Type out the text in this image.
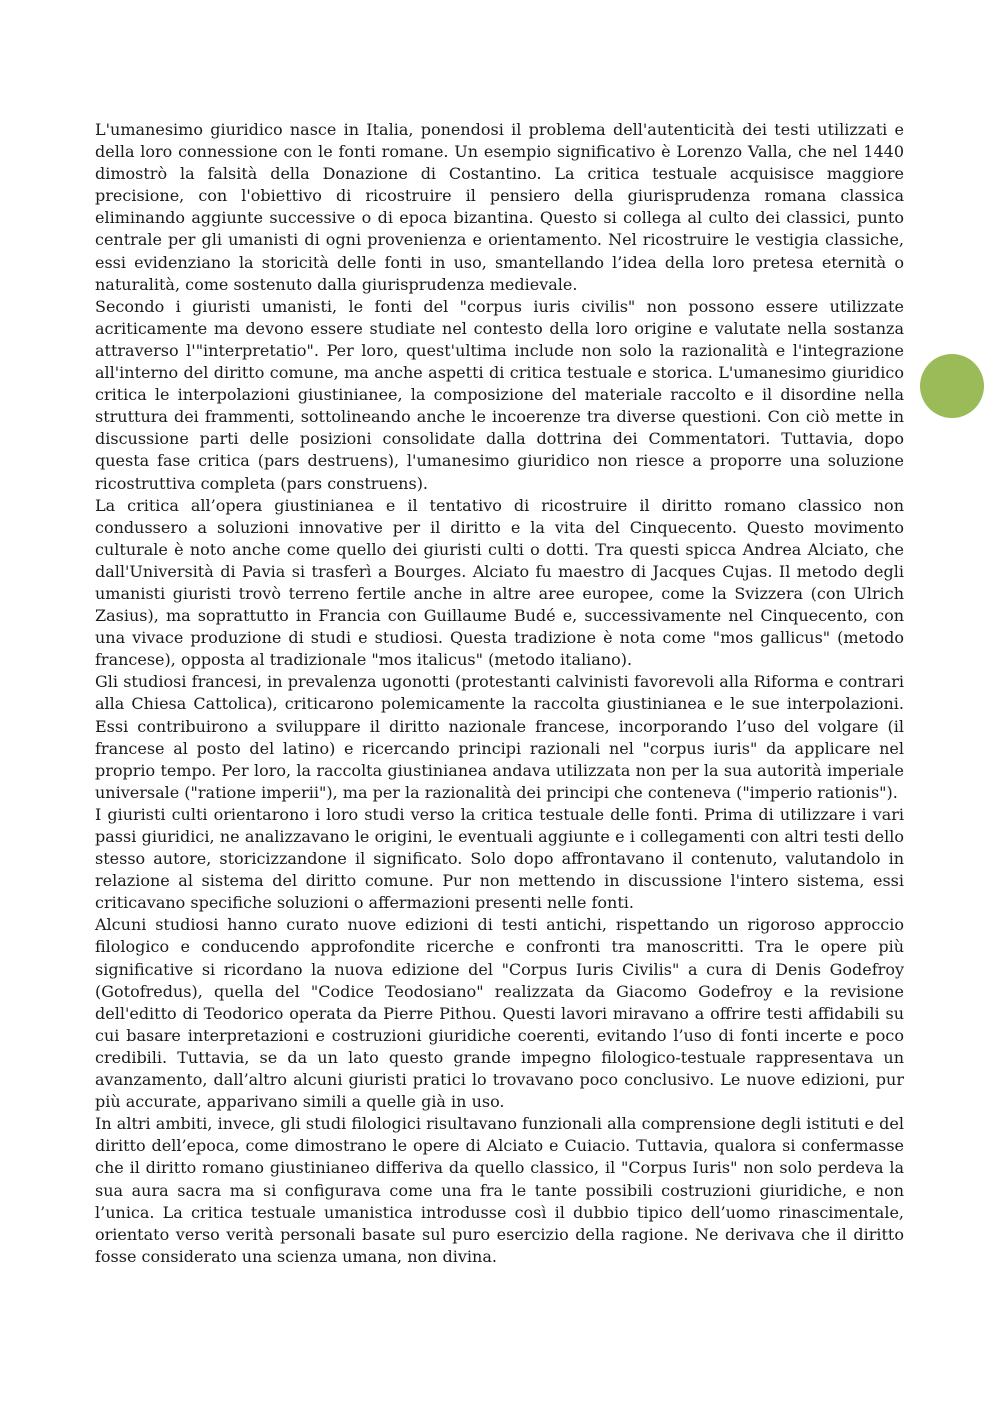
L'umanesimo giuridico nasce in Italia, ponendosi il problema dell'autenticità dei testi utilizzati e della loro connessione con le fonti romane. Un esempio significativo è Lorenzo Valla, che nel 1440 dimostrò la falsità della Donazione di Costantino. La critica testuale acquisisce maggiore precisione, con l'obiettivo di ricostruire il pensiero della giurisprudenza romana classica eliminando aggiunte successive o di epoca bizantina. Questo si collega al culto dei classici, punto centrale per gli umanisti di ogni provenienza e orientamento. Nel ricostruire le vestigia classiche, essi evidenziano la storicità delle fonti in uso, smantellando l’idea della loro pretesa eternità o naturalità, come sostenuto dalla giurisprudenza medievale.

Secondo i giuristi umanisti, le fonti del "corpus iuris civilis" non possono essere utilizzate acriticamente ma devono essere studiate nel contesto della loro origine e valutate nella sostanza attraverso l'"interpretatio". Per loro, quest'ultima include non solo la razionalità e l'integrazione all'interno del diritto comune, ma anche aspetti di critica testuale e storica. L'umanesimo giuridico critica le interpolazioni giustinianee, la composizione del materiale raccolto e il disordine nella struttura dei frammenti, sottolineando anche le incoerenze tra diverse questioni. Con ciò mette in discussione parti delle posizioni consolidate dalla dottrina dei Commentatori. Tuttavia, dopo questa fase critica (pars destruens), l'umanesimo giuridico non riesce a proporre una soluzione ricostruttiva completa (pars construens).

La critica all’opera giustinianea e il tentativo di ricostruire il diritto romano classico non condussero a soluzioni innovative per il diritto e la vita del Cinquecento. Questo movimento culturale è noto anche come quello dei giuristi culti o dotti. Tra questi spicca Andrea Alciato, che dall'Università di Pavia si trasferì a Bourges. Alciato fu maestro di Jacques Cujas. Il metodo degli umanisti giuristi trovò terreno fertile anche in altre aree europee, come la Svizzera (con Ulrich Zasius), ma soprattutto in Francia con Guillaume Budé e, successivamente nel Cinquecento, con una vivace produzione di studi e studiosi. Questa tradizione è nota come "mos gallicus" (metodo francese), opposta al tradizionale "mos italicus" (metodo italiano).

Gli studiosi francesi, in prevalenza ugonotti (protestanti calvinisti favorevoli alla Riforma e contrari alla Chiesa Cattolica), criticarono polemicamente la raccolta giustinianea e le sue interpolazioni. Essi contribuirono a sviluppare il diritto nazionale francese, incorporando l’uso del volgare (il francese al posto del latino) e ricercando principi razionali nel "corpus iuris" da applicare nel proprio tempo. Per loro, la raccolta giustinianea andava utilizzata non per la sua autorità imperiale universale ("ratione imperii"), ma per la razionalità dei principi che conteneva ("imperio rationis").

I giuristi culti orientarono i loro studi verso la critica testuale delle fonti. Prima di utilizzare i vari passi giuridici, ne analizzavano le origini, le eventuali aggiunte e i collegamenti con altri testi dello stesso autore, storicizzandone il significato. Solo dopo affrontavano il contenuto, valutandolo in relazione al sistema del diritto comune. Pur non mettendo in discussione l'intero sistema, essi criticavano specifiche soluzioni o affermazioni presenti nelle fonti.

Alcuni studiosi hanno curato nuove edizioni di testi antichi, rispettando un rigoroso approccio filologico e conducendo approfondite ricerche e confronti tra manoscritti. Tra le opere più significative si ricordano la nuova edizione del "Corpus Iuris Civilis" a cura di Denis Godefroy (Gotofredus), quella del "Codice Teodosiano" realizzata da Giacomo Godefroy e la revisione dell'editto di Teodorico operata da Pierre Pithou. Questi lavori miravano a offrire testi affidabili su cui basare interpretazioni e costruzioni giuridiche coerenti, evitando l’uso di fonti incerte e poco credibili. Tuttavia, se da un lato questo grande impegno filologico-testuale rappresentava un avanzamento, dall’altro alcuni giuristi pratici lo trovavano poco conclusivo. Le nuove edizioni, pur più accurate, apparivano simili a quelle già in uso.

In altri ambiti, invece, gli studi filologici risultavano funzionali alla comprensione degli istituti e del diritto dell’epoca, come dimostrano le opere di Alciato e Cuiacio. Tuttavia, qualora si confermasse che il diritto romano giustinianeo differiva da quello classico, il "Corpus Iuris" non solo perdeva la sua aura sacra ma si configurava come una fra le tante possibili costruzioni giuridiche, e non l’unica. La critica testuale umanistica introdusse così il dubbio tipico dell’uomo rinascimentale, orientato verso verità personali basate sul puro esercizio della ragione. Ne derivava che il diritto fosse considerato una scienza umana, non divina.
